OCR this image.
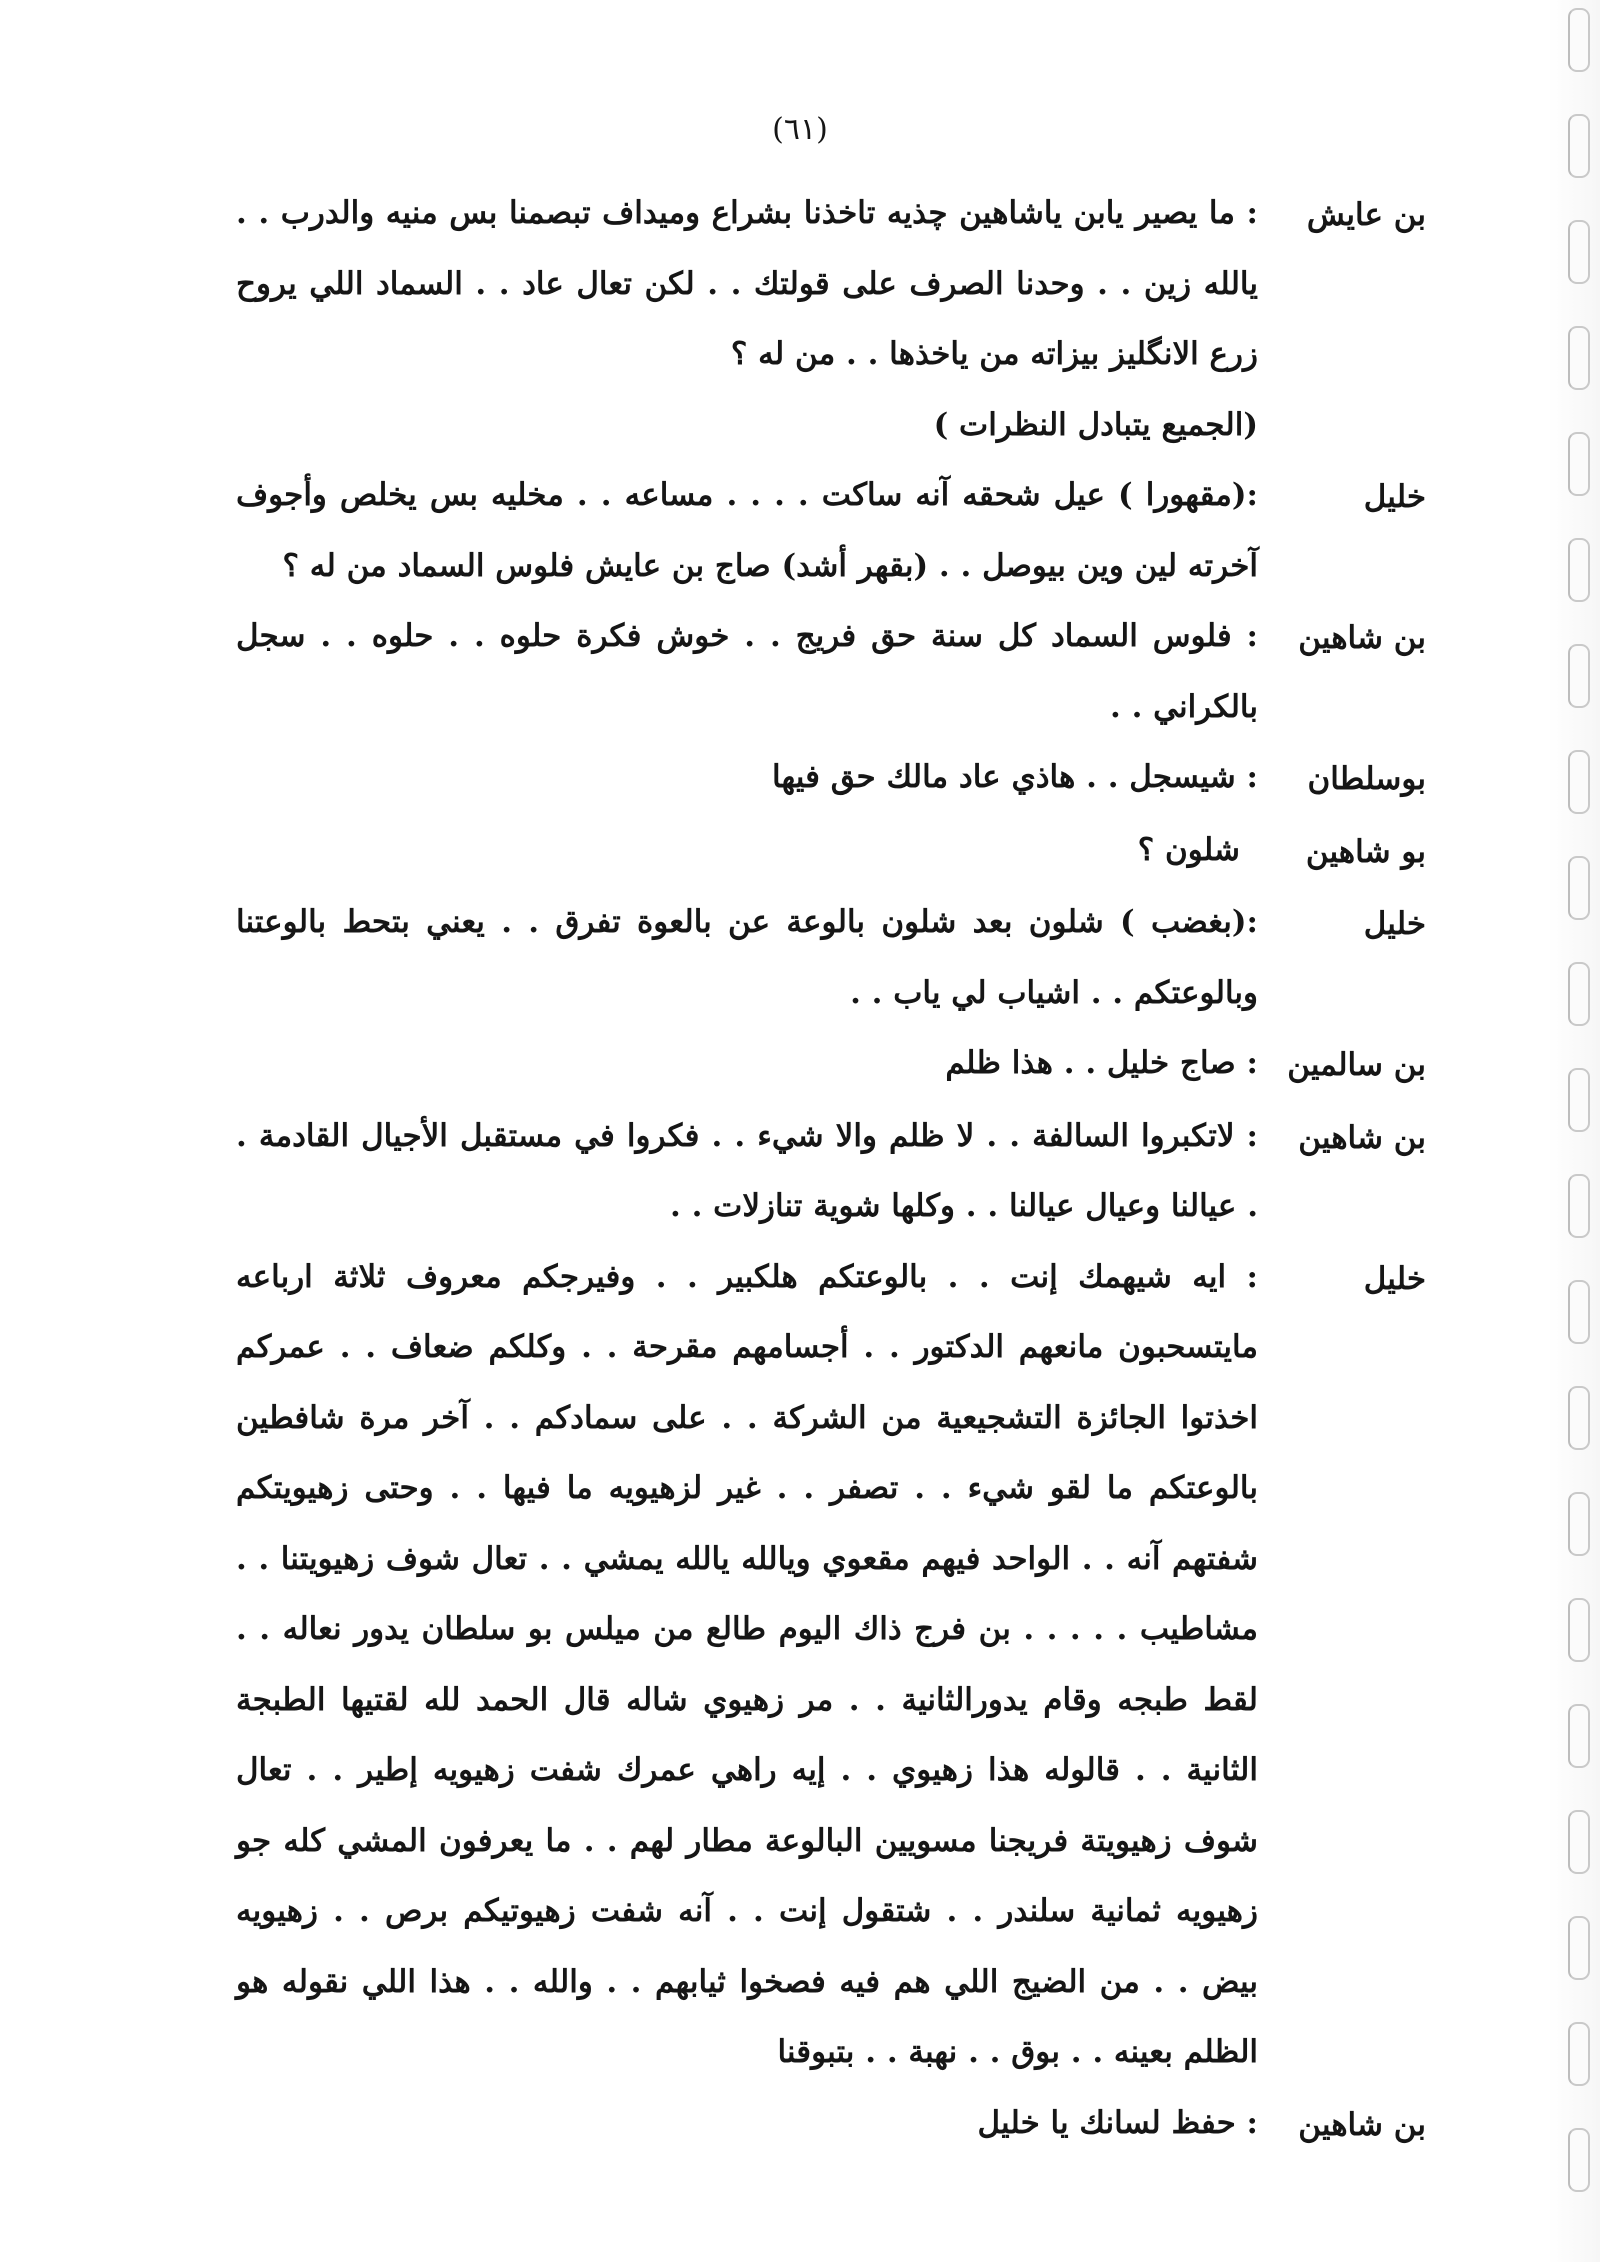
(٦١)
بن عايش

: ما يصير يابن ياشاهين چذيه تاخذنا بشراع وميداف تبصمنا بس منيه والدرب . . يالله زين . . وحدنا الصرف على قولتك . . لكن تعال عاد . . السماد اللي يروح زرع الانگليز بيزاته من ياخذها . . من له ؟

(الجميع يتبادل النظرات )

خليل

:(مقهورا ) عيل شحقه آنه ساكت . . . . مساعه . . مخليه بس يخلص وأجوف آخرته لين وين بيوصل . . (بقهر أشد) صاج بن عايش فلوس السماد من له ؟

بن شاهين

: فلوس السماد كل سنة حق فريج . . خوش فكرة حلوه . . حلوه . . سجل بالكراني . .

بوسلطان

: شيسجل . . هاذي عاد مالك حق فيها

بو شاهين

شلون ؟

خليل

:(بغضب ) شلون بعد شلون بالوعة عن بالعوة تفرق . . يعني بتحط بالوعتنا وبالوعتكم . . اشياب لي ياب . .

بن سالمين

: صاج خليل . . هذا ظلم

بن شاهين

: لاتكبروا السالفة . . لا ظلم والا شيء . . فكروا في مستقبل الأجيال القادمة . . عيالنا وعيال عيالنا . . وكلها شوية تنازلات . .

خليل

: ايه شيهمك إنت . . بالوعتكم هلكبير . . وفيرجكم معروف ثلاثة ارباعه مايتسحبون مانعهم الدكتور . . أجسامهم مقرحة . . وكلكم ضعاف . . عمركم اخذتوا الجائزة التشجيعية من الشركة . . على سمادكم . . آخر مرة شافطين بالوعتكم ما لقو شيء . . تصفر . . غير لزهيويه ما فيها . . وحتى زهيويتكم شفتهم آنه . . الواحد فيهم مقعوي ويالله يالله يمشي . . تعال شوف زهيويتنا . . مشاطيب . . . . . بن فرج ذاك اليوم طالع من ميلس بو سلطان يدور نعاله . . لقط طبجه وقام يدورالثانية . . مر زهيوي شاله قال الحمد لله لقتيها الطبجة الثانية . . قالوله هذا زهيوي . . إيه راهي عمرك شفت زهيويه إطير . . تعال شوف زهيويتة فريجنا مسويين البالوعة مطار لهم . . ما يعرفون المشي كله جو زهيويه ثمانية سلندر . . شتقول إنت . . آنه شفت زهيوتيكم برص . . زهيويه بيض . . من الضيج اللي هم فيه فصخوا ثيابهم . . والله . . هذا اللي نقوله هو الظلم بعينه . . بوق . . نهبة . . بتبوقنا

بن شاهين

: حفظ لسانك يا خليل
